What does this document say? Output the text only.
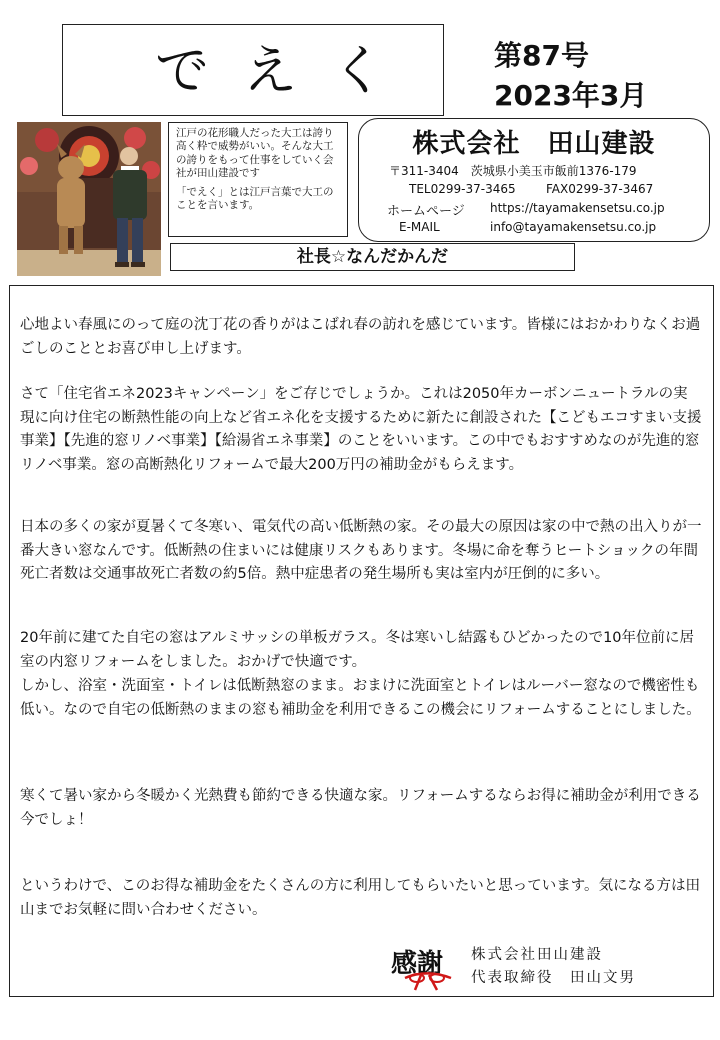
でえく	第87号
2023年3月

江戸の花形職人だった大工は誇り高く粋で威勢がいい。そんな大工の誇りをもって仕事をしていく会社が田山建設です

「でえく」とは江戸言葉で大工のことを言います。

株式会社　田山建設
〒311-3404　茨城県小美玉市飯前1376-179
TEL0299-37-3465	FAX0299-37-3467
ホームページ https://tayamakensetsu.co.jp
E-MAIL	info@tayamakensetsu.co.jp
社長☆なんだかんだ

心地よい春風にのって庭の沈丁花の香りがはこばれ春の訪れを感じています。皆様にはおかわりなくお過ごしのこととお喜び申し上げます。

さて「住宅省エネ2023キャンペーン」をご存じでしょうか。これは2050年カーボンニュートラルの実現に向け住宅の断熱性能の向上など省エネ化を支援するために新たに創設された【こどもエコすまい支援事業】【先進的窓リノベ事業】【給湯省エネ事業】のことをいいます。この中でもおすすめなのが先進的窓リノベ事業。窓の高断熱化リフォームで最大200万円の補助金がもらえます。

日本の多くの家が夏暑くて冬寒い、電気代の高い低断熱の家。その最大の原因は家の中で熱の出入りが一番大きい窓なんです。低断熱の住まいには健康リスクもあります。冬場に命を奪うヒートショックの年間死亡者数は交通事故死亡者数の約5倍。熱中症患者の発生場所も実は室内が圧倒的に多い。

20年前に建てた自宅の窓はアルミサッシの単板ガラス。冬は寒いし結露もひどかったので10年位前に居室の内窓リフォームをしました。おかげで快適です。

しかし、浴室・洗面室・トイレは低断熱窓のまま。おまけに洗面室とトイレはルーバー窓なので機密性も低い。なので自宅の低断熱のままの窓も補助金を利用できるこの機会にリフォームすることにしました。

寒くて暑い家から冬暖かく光熱費も節約できる快適な家。リフォームするならお得に補助金が利用できる今でしょ！

というわけで、このお得な補助金をたくさんの方に利用してもらいたいと思っています。気になる方は田山までお気軽に問い合わせください。

感謝 株式会社田山建設
代表取締役　田山文男
